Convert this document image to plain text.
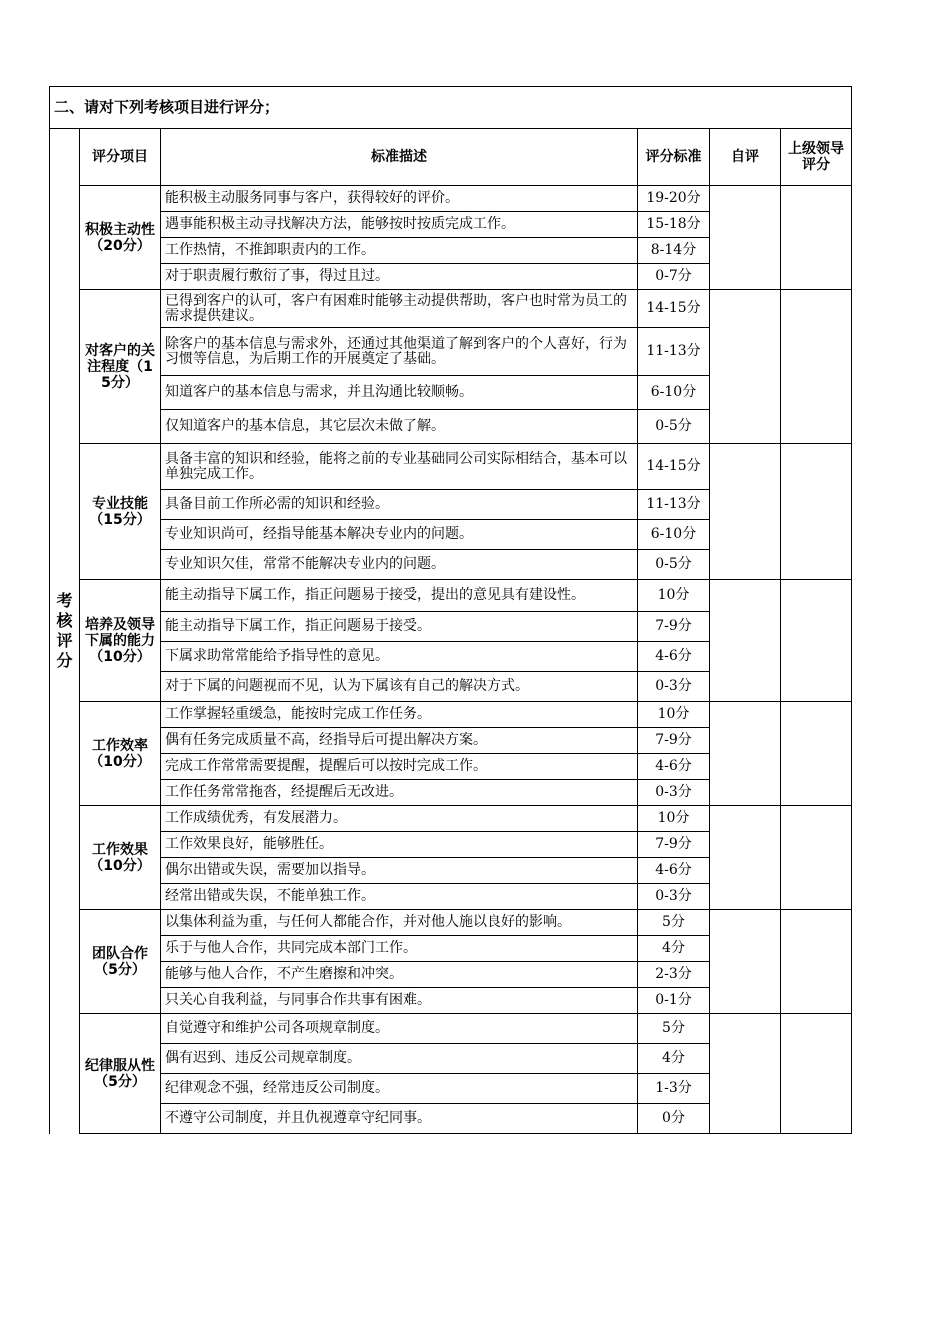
二、请对下列考核项目进行评分；					
考核评分	评分项目	标准描述	评分标准	自评	上级领导评分
	积极主动性 （20分）	能积极主动服务同事与客户，获得较好的评价。	19-20分		
		遇事能积极主动寻找解决方法，能够按时按质完成工作。	15-18分		
		工作热情，不推卸职责内的工作。	8-14分		
		对于职责履行敷衍了事，得过且过。	0-7分		
	对客户的关注程度（15分）	已得到客户的认可，客户有困难时能够主动提供帮助，客户也时常为员工的需求提供建议。	14-15分		
		除客户的基本信息与需求外，还通过其他渠道了解到客户的个人喜好，行为习惯等信息，为后期工作的开展奠定了基础。	11-13分		
		知道客户的基本信息与需求，并且沟通比较顺畅。	6-10分		
		仅知道客户的基本信息，其它层次未做了解。	0-5分		
	专业技能（15分）	具备丰富的知识和经验，能将之前的专业基础同公司实际相结合，基本可以单独完成工作。	14-15分		
		具备目前工作所必需的知识和经验。	11-13分		
		专业知识尚可，经指导能基本解决专业内的问题。	6-10分		
		专业知识欠佳，常常不能解决专业内的问题。	0-5分		
	培养及领导下属的能力（10分）	能主动指导下属工作，指正问题易于接受，提出的意见具有建设性。	10分		
		能主动指导下属工作，指正问题易于接受。	7-9分		
		下属求助常常能给予指导性的意见。	4-6分		
		对于下属的问题视而不见，认为下属该有自己的解决方式。	0-3分		
	工作效率（10分）	工作掌握轻重缓急，能按时完成工作任务。	10分		
		偶有任务完成质量不高，经指导后可提出解决方案。	7-9分		
		完成工作常常需要提醒，提醒后可以按时完成工作。	4-6分		
		工作任务常常拖沓，经提醒后无改进。	0-3分		
	工作效果（10分）	工作成绩优秀，有发展潜力。	10分		
		工作效果良好，能够胜任。	7-9分		
		偶尔出错或失误，需要加以指导。	4-6分		
		经常出错或失误，不能单独工作。	0-3分		
	团队合作（5分）	以集体利益为重，与任何人都能合作，并对他人施以良好的影响。	5分		
		乐于与他人合作，共同完成本部门工作。	4分		
		能够与他人合作，不产生磨擦和冲突。	2-3分		
		只关心自我利益，与同事合作共事有困难。	0-1分		
	纪律服从性 （5分）	自觉遵守和维护公司各项规章制度。	5分		
		偶有迟到、违反公司规章制度。	4分		
		纪律观念不强，经常违反公司制度。	1-3分		
		不遵守公司制度，并且仇视遵章守纪同事。	0分		
